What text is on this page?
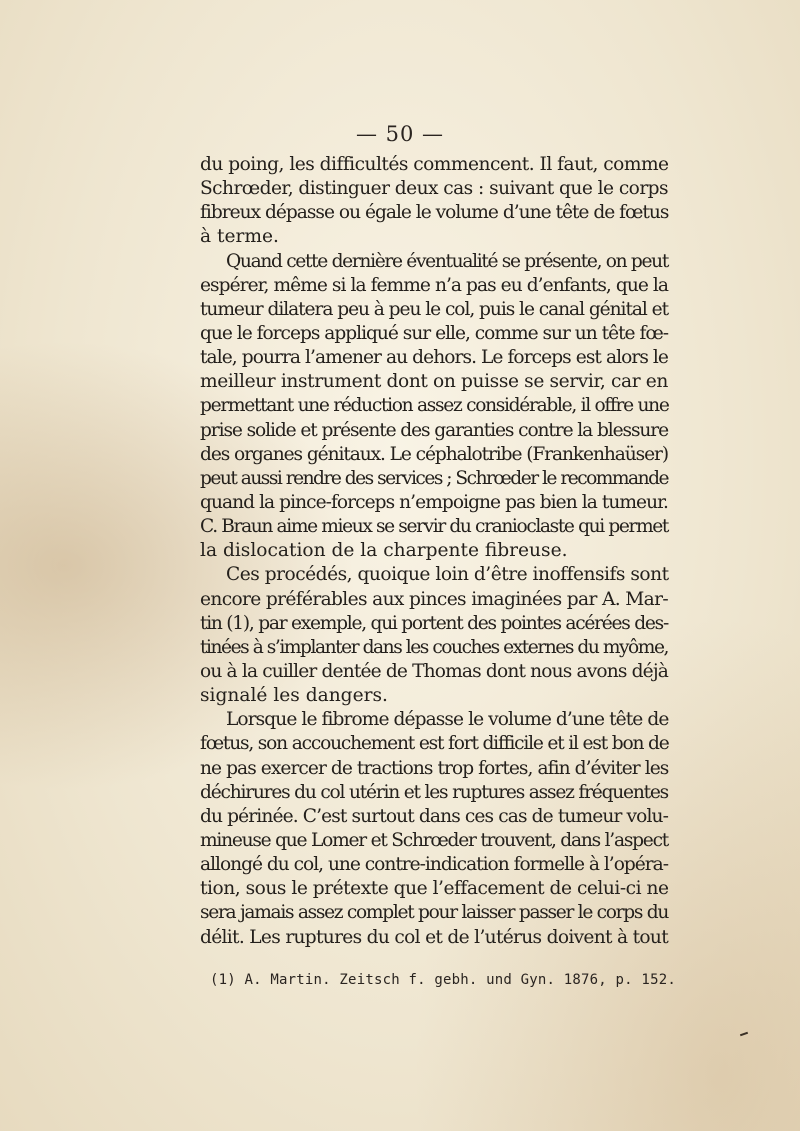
— 50 —
du poing, les difficultés commencent. Il faut, comme
Schrœder, distinguer deux cas : suivant que le corps
fibreux dépasse ou égale le volume d’une tête de fœtus
à terme.
Quand cette dernière éventualité se présente, on peut
espérer, même si la femme n’a pas eu d’enfants, que la
tumeur dilatera peu à peu le col, puis le canal génital et
que le forceps appliqué sur elle, comme sur un tête fœ-
tale, pourra l’amener au dehors. Le forceps est alors le
meilleur instrument dont on puisse se servir, car en
permettant une réduction assez considérable, il offre une
prise solide et présente des garanties contre la blessure
des organes génitaux. Le céphalotribe (Frankenhaüser)
peut aussi rendre des services ; Schrœder le recommande
quand la pince-forceps n’empoigne pas bien la tumeur.
C. Braun aime mieux se servir du cranioclaste qui permet
la dislocation de la charpente fibreuse.
Ces procédés, quoique loin d’être inoffensifs sont
encore préférables aux pinces imaginées par A. Mar-
tin (1), par exemple, qui portent des pointes acérées des-
tinées à s’implanter dans les couches externes du myôme,
ou à la cuiller dentée de Thomas dont nous avons déjà
signalé les dangers.
Lorsque le fibrome dépasse le volume d’une tête de
fœtus, son accouchement est fort difficile et il est bon de
ne pas exercer de tractions trop fortes, afin d’éviter les
déchirures du col utérin et les ruptures assez fréquentes
du périnée. C’est surtout dans ces cas de tumeur volu-
mineuse que Lomer et Schrœder trouvent, dans l’aspect
allongé du col, une contre-indication formelle à l’opéra-
tion, sous le prétexte que l’effacement de celui-ci ne
sera jamais assez complet pour laisser passer le corps du
délit. Les ruptures du col et de l’utérus doivent à tout
(1) A. Martin. Zeitsch f. gebh. und Gyn. 1876, p. 152.
